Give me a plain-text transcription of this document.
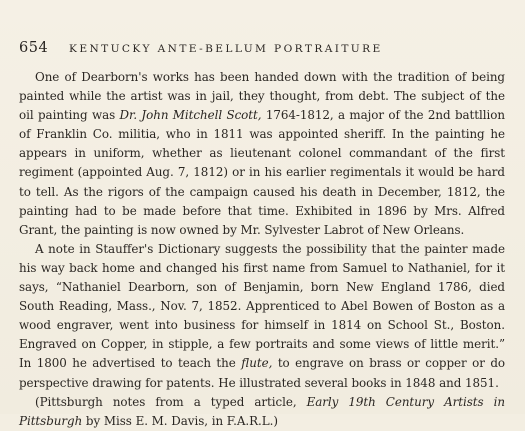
654	KENTUCKY ANTE-BELLUM PORTRAITURE

One of Dearborn's works has been handed down with the tradition of being painted while the artist was in jail, they thought, from debt. The subject of the oil painting was Dr. John Mitchell Scott, 1764-1812, a major of the 2nd battllion of Franklin Co. militia, who in 1811 was appointed sheriff. In the painting he appears in uniform, whether as lieutenant colonel commandant of the first regiment (appointed Aug. 7, 1812) or in his earlier regimentals it would be hard to tell. As the rigors of the campaign caused his death in December, 1812, the painting had to be made before that time. Exhibited in 1896 by Mrs. Alfred Grant, the painting is now owned by Mr. Sylvester Labrot of New Orleans.

A note in Stauffer's Dictionary suggests the possibility that the painter made his way back home and changed his first name from Samuel to Nathaniel, for it says, “Nathaniel Dearborn, son of Benjamin, born New England 1786, died South Reading, Mass., Nov. 7, 1852. Apprenticed to Abel Bowen of Boston as a wood engraver, went into business for himself in 1814 on School St., Boston. Engraved on Copper, in stipple, a few portraits and some views of little merit.” In 1800 he advertised to teach the flute, to engrave on brass or copper or do perspective drawing for patents. He illustrated several books in 1848 and 1851.

(Pittsburgh notes from a typed article, Early 19th Century Artists in Pittsburgh by Miss E. M. Davis, in F.A.R.L.)
